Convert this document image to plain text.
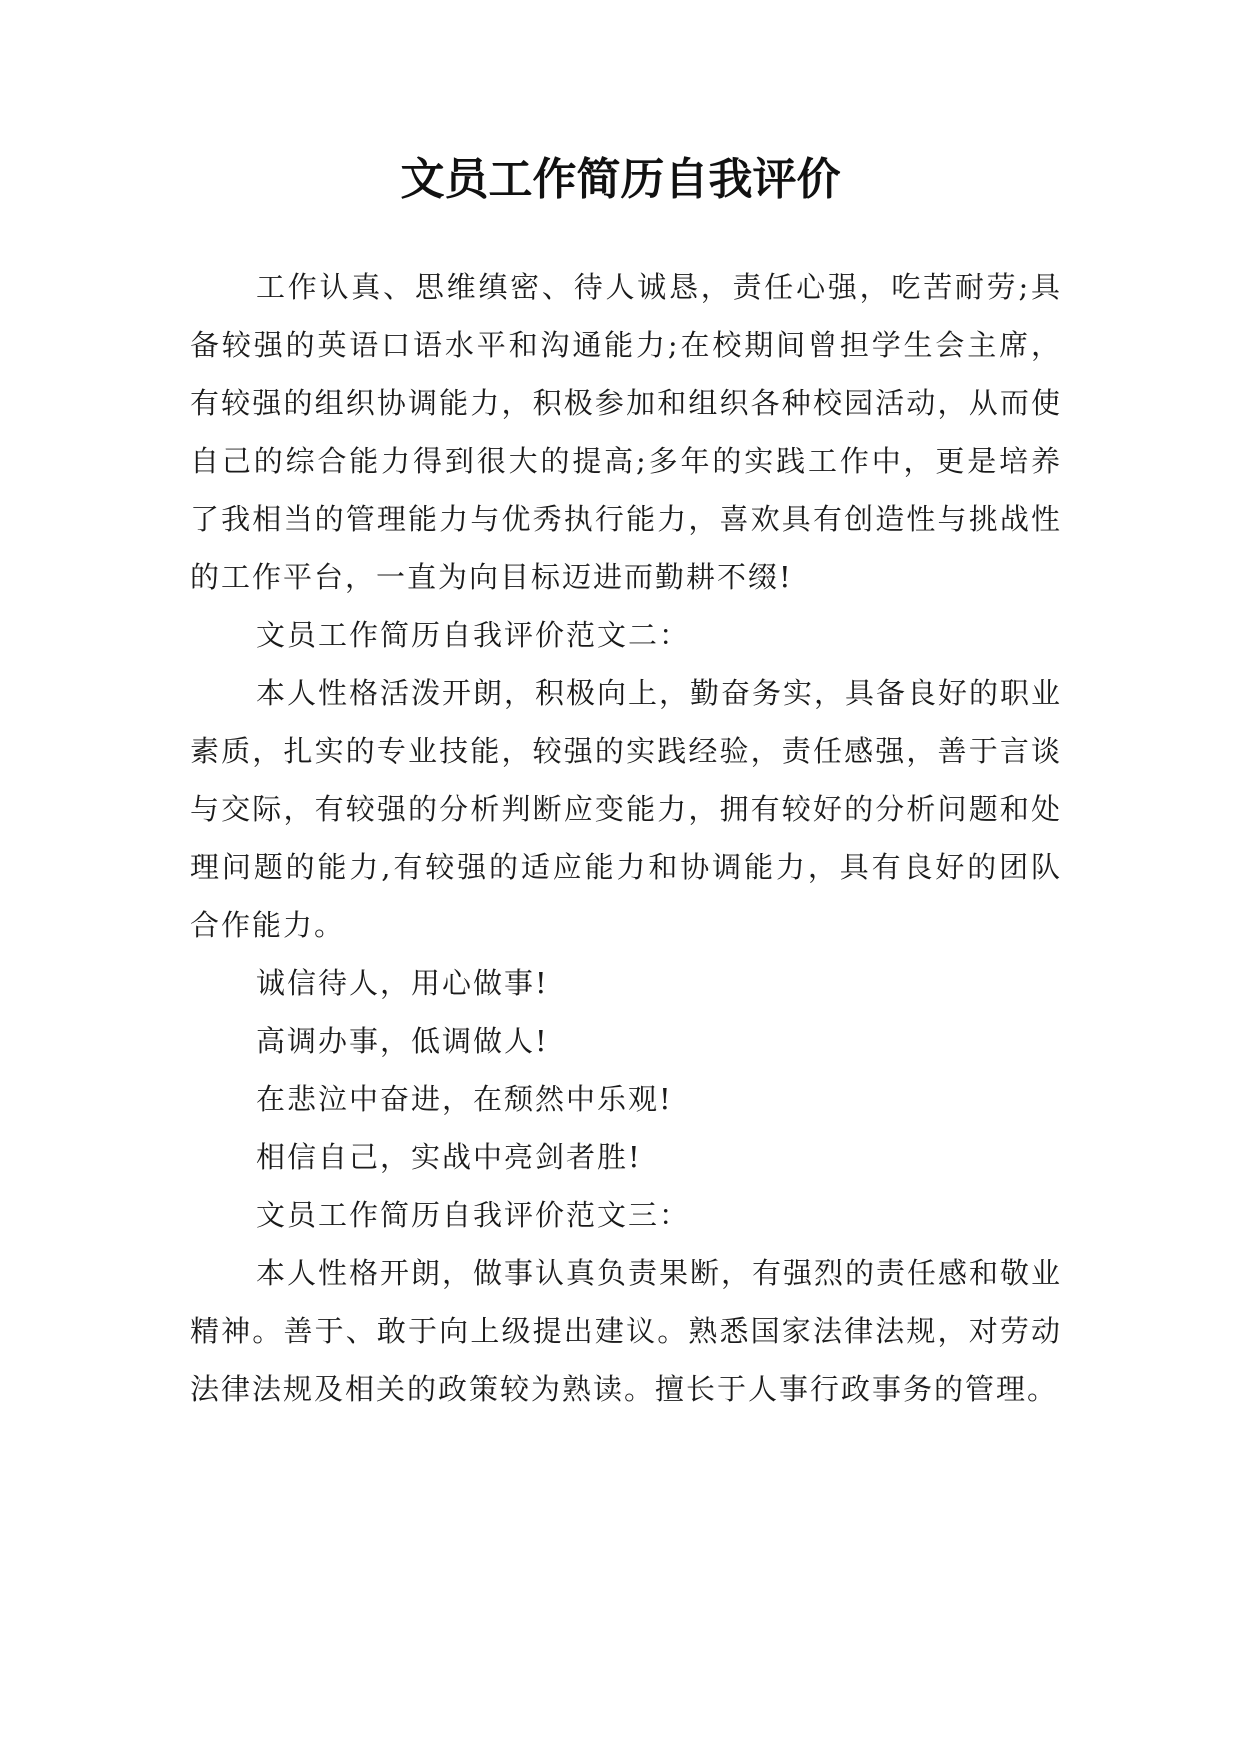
文员工作简历自我评价

工作认真、思维缜密、待人诚恳，责任心强，吃苦耐劳;具备较强的英语口语水平和沟通能力;在校期间曾担学生会主席，有较强的组织协调能力，积极参加和组织各种校园活动，从而使自己的综合能力得到很大的提高;多年的实践工作中，更是培养了我相当的管理能力与优秀执行能力，喜欢具有创造性与挑战性的工作平台，一直为向目标迈进而勤耕不缀!

文员工作简历自我评价范文二：

本人性格活泼开朗，积极向上，勤奋务实，具备良好的职业素质，扎实的专业技能，较强的实践经验，责任感强，善于言谈与交际，有较强的分析判断应变能力，拥有较好的分析问题和处理问题的能力,有较强的适应能力和协调能力，具有良好的团队合作能力。

诚信待人，用心做事!

高调办事，低调做人!

在悲泣中奋进，在颓然中乐观!

相信自己，实战中亮剑者胜!

文员工作简历自我评价范文三：

本人性格开朗，做事认真负责果断，有强烈的责任感和敬业精神。善于、敢于向上级提出建议。熟悉国家法律法规，对劳动法律法规及相关的政策较为熟读。擅长于人事行政事务的管理。
